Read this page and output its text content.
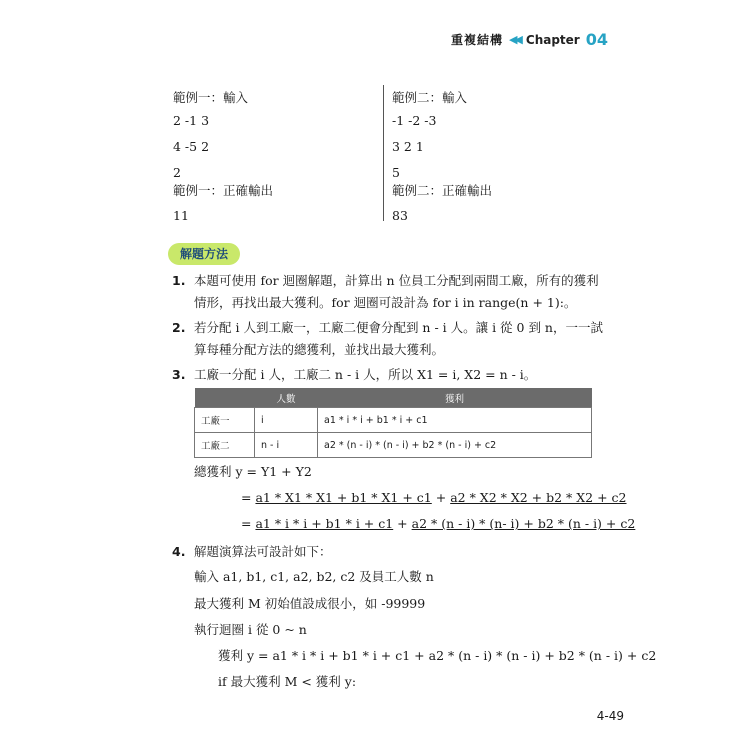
重複結構 ◀◀ Chapter 04
範例一：輸入
2 -1 3
4 -5 2
2
範例一：正確輸出
11
範例二：輸入
-1 -2 -3
3 2 1
5
範例二：正確輸出
83
解題方法
1. 本題可使用 for 迴圈解題，計算出 n 位員工分配到兩間工廠，所有的獲利
情形，再找出最大獲利。for 迴圈可設計為 for i in range(n + 1):。
2. 若分配 i 人到工廠一，工廠二便會分配到 n - i 人。讓 i 從 0 到 n，一一試
算每種分配方法的總獲利，並找出最大獲利。
3. 工廠一分配 i 人，工廠二 n - i 人，所以 X1 = i, X2 = n - i。
	人數	獲利
工廠一	i	a1 * i * i + b1 * i + c1
工廠二	n - i	a2 * (n - i) * (n - i) + b2 * (n - i) + c2
總獲利 y = Y1 + Y2
= a1 * X1 * X1 + b1 * X1 + c1 + a2 * X2 * X2 + b2 * X2 + c2
= a1 * i * i + b1 * i + c1 + a2 * (n - i) * (n- i) + b2 * (n - i) + c2
4. 解題演算法可設計如下：
輸入 a1, b1, c1, a2, b2, c2 及員工人數 n
最大獲利 M 初始值設成很小，如 -99999
執行迴圈 i 從 0 ~ n
獲利 y = a1 * i * i + b1 * i + c1 + a2 * (n - i) * (n - i) + b2 * (n - i) + c2
if 最大獲利 M < 獲利 y:
4-49
